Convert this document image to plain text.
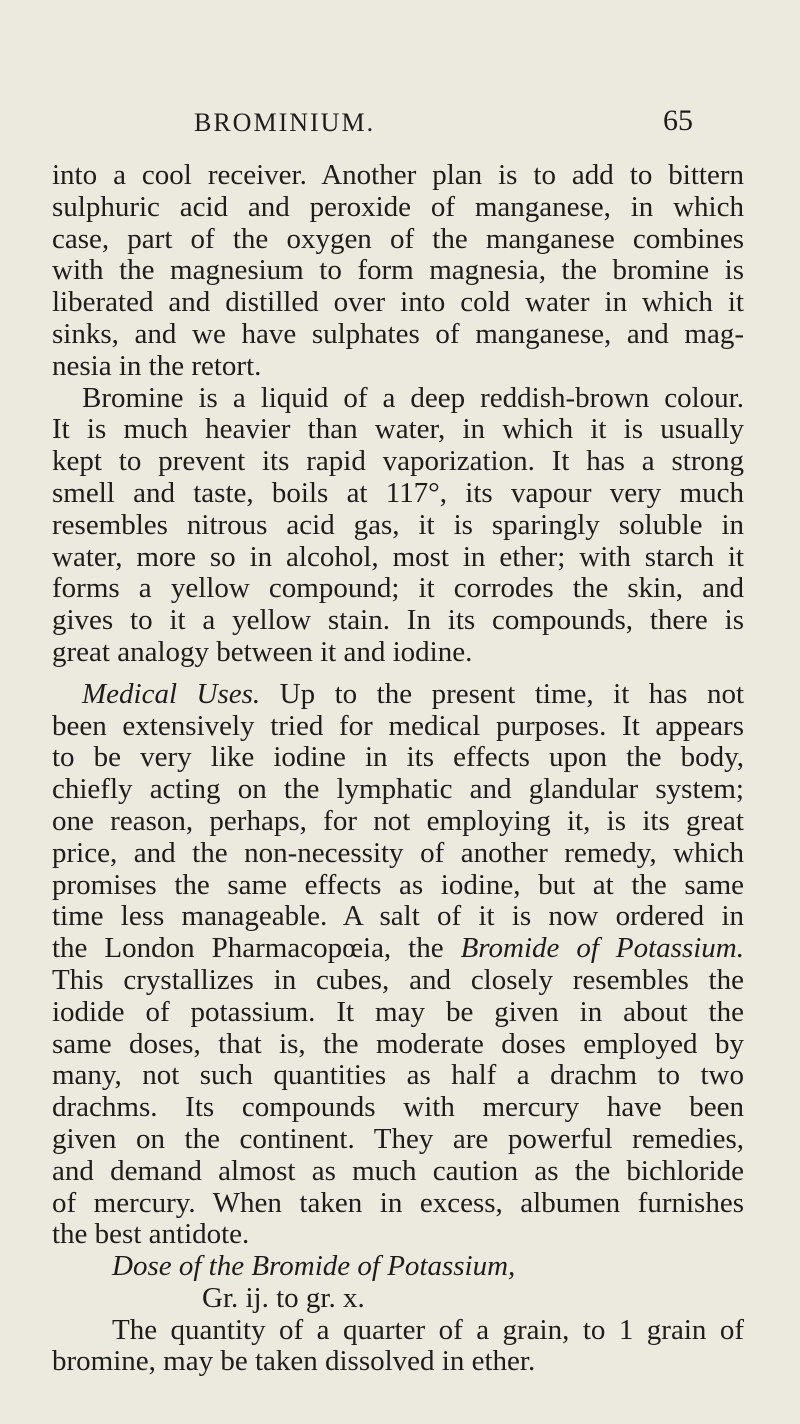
BROMINIUM.	65
into a cool receiver. Another plan is to add to bittern
sulphuric acid and peroxide of manganese, in which
case, part of the oxygen of the manganese combines
with the magnesium to form magnesia, the bromine is
liberated and distilled over into cold water in which it
sinks, and we have sulphates of manganese, and mag-
nesia in the retort.
Bromine is a liquid of a deep reddish-brown colour.
It is much heavier than water, in which it is usually
kept to prevent its rapid vaporization. It has a strong
smell and taste, boils at 117°, its vapour very much
resembles nitrous acid gas, it is sparingly soluble in
water, more so in alcohol, most in ether; with starch it
forms a yellow compound; it corrodes the skin, and
gives to it a yellow stain. In its compounds, there is
great analogy between it and iodine.
Medical Uses. Up to the present time, it has not
been extensively tried for medical purposes. It appears
to be very like iodine in its effects upon the body,
chiefly acting on the lymphatic and glandular system;
one reason, perhaps, for not employing it, is its great
price, and the non-necessity of another remedy, which
promises the same effects as iodine, but at the same
time less manageable. A salt of it is now ordered in
the London Pharmacopœia, the Bromide of Potassium.
This crystallizes in cubes, and closely resembles the
iodide of potassium. It may be given in about the
same doses, that is, the moderate doses employed by
many, not such quantities as half a drachm to two
drachms. Its compounds with mercury have been
given on the continent. They are powerful remedies,
and demand almost as much caution as the bichloride
of mercury. When taken in excess, albumen furnishes
the best antidote.
Dose of the Bromide of Potassium,
Gr. ij. to gr. x.
The quantity of a quarter of a grain, to 1 grain of
bromine, may be taken dissolved in ether.
